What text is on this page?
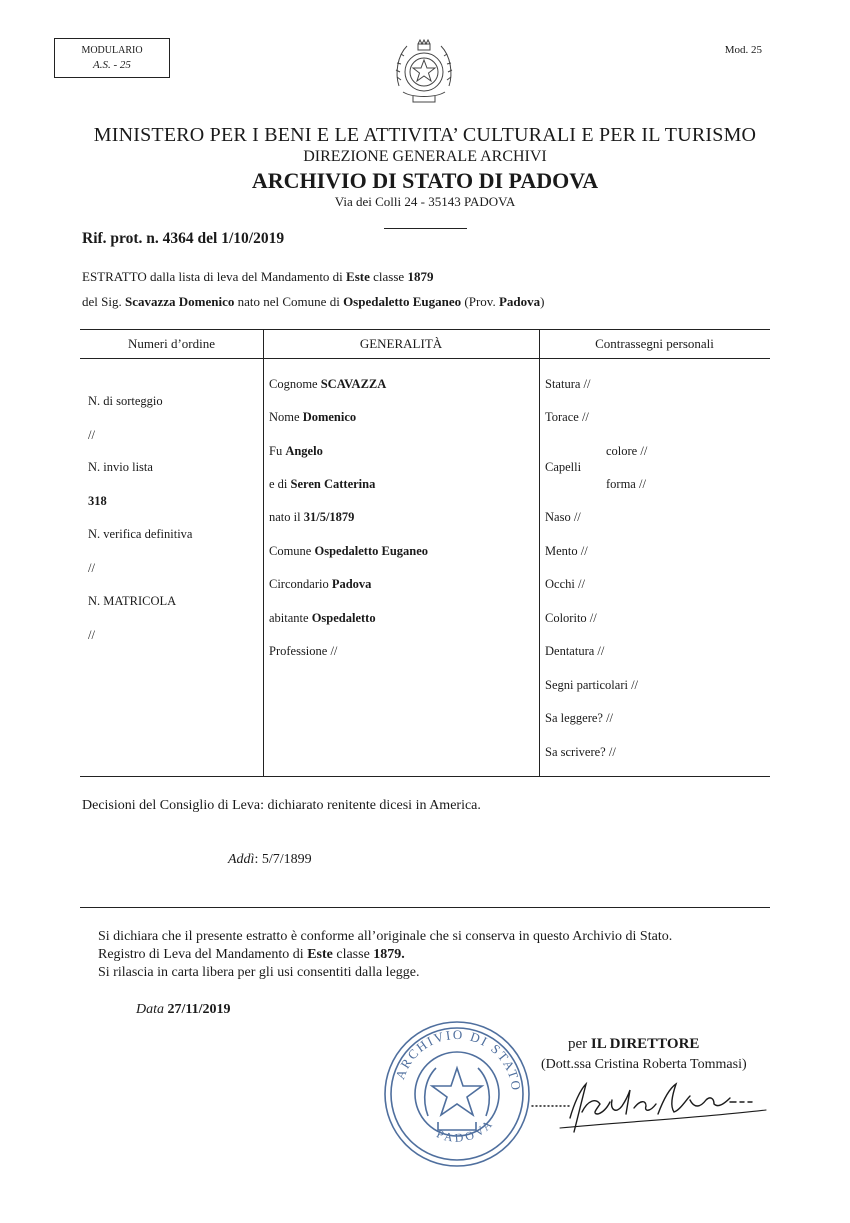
MODULARIO
A.S. - 25
Mod. 25
MINISTERO PER I BENI E LE ATTIVITA’ CULTURALI E PER IL TURISMO
DIREZIONE GENERALE ARCHIVI
ARCHIVIO DI STATO DI PADOVA
Via dei Colli 24 - 35143 PADOVA
Rif. prot. n. 4364 del 1/10/2019
ESTRATTO dalla lista di leva del Mandamento di Este classe 1879
del Sig. Scavazza Domenico nato nel Comune di Ospedaletto Euganeo (Prov. Padova)
Numeri d’ordine	GENERALITÀ	Contrassegni personali
N. di sorteggio
//
N. invio lista
318
N. verifica definitiva
//
N. MATRICOLA
//
Cognome SCAVAZZA
Nome Domenico
Fu Angelo
e di Seren Catterina
nato il 31/5/1879
Comune Ospedaletto Euganeo
Circondario Padova
abitante Ospedaletto
Professione //
Statura //
Torace //
colore //
Capelli
forma //
Naso //
Mento //
Occhi //
Colorito //
Dentatura //
Segni particolari //
Sa leggere? //
Sa scrivere? //
Decisioni del Consiglio di Leva: dichiarato renitente dicesi in America.
Addì: 5/7/1899
Si dichiara che il presente estratto è conforme all’originale che si conserva in questo Archivio di Stato.
Registro di Leva del Mandamento di Este classe 1879.
Si rilascia in carta libera per gli usi consentiti dalla legge.
Data 27/11/2019
ARCHIVIO DI STATO
PADOVA
per IL DIRETTORE
(Dott.ssa Cristina Roberta Tommasi)
